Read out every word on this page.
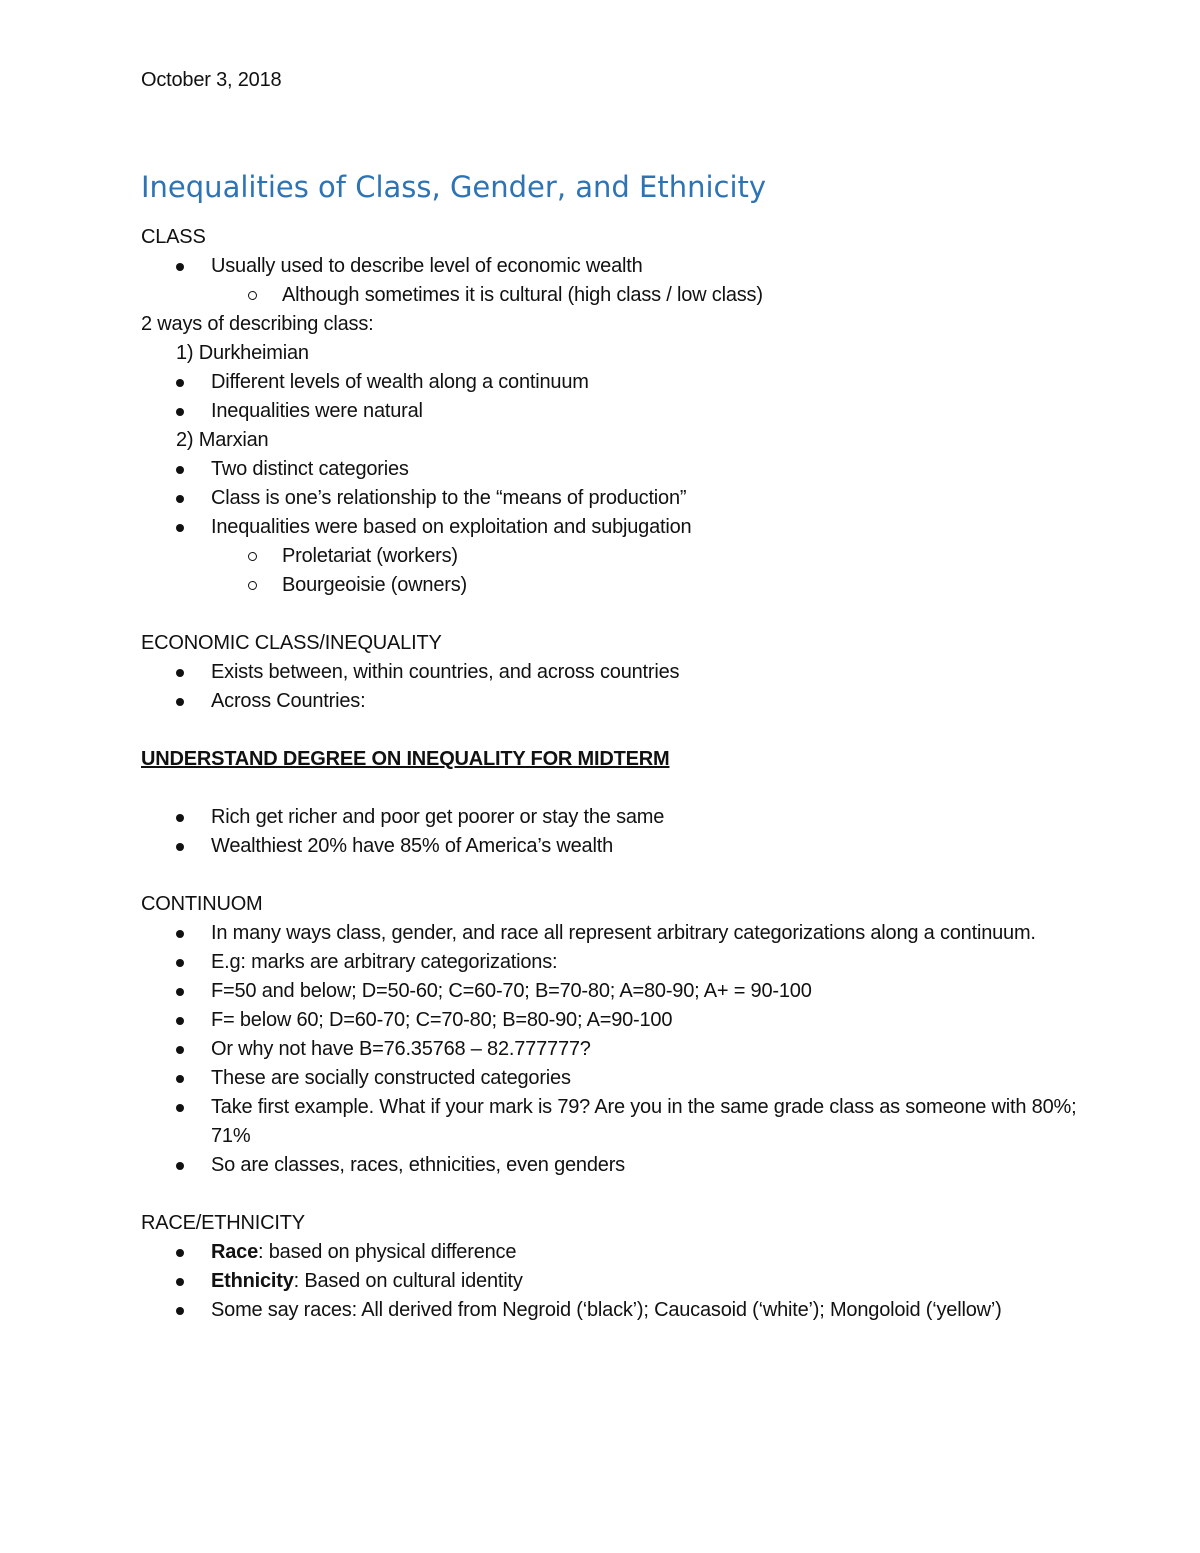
October 3, 2018
Inequalities of Class, Gender, and Ethnicity
CLASS
Usually used to describe level of economic wealth
Although sometimes it is cultural (high class / low class)
2 ways of describing class:
1) Durkheimian
Different levels of wealth along a continuum
Inequalities were natural
2) Marxian
Two distinct categories
Class is one’s relationship to the “means of production”
Inequalities were based on exploitation and subjugation
Proletariat (workers)
Bourgeoisie (owners)
ECONOMIC CLASS/INEQUALITY
Exists between, within countries, and across countries
Across Countries:
UNDERSTAND DEGREE ON INEQUALITY FOR MIDTERM
Rich get richer and poor get poorer or stay the same
Wealthiest 20% have 85% of America’s wealth
CONTINUOM
In many ways class, gender, and race all represent arbitrary categorizations along a continuum.
E.g: marks are arbitrary categorizations:
F=50 and below; D=50-60; C=60-70; B=70-80; A=80-90; A+ = 90-100
F= below 60; D=60-70; C=70-80; B=80-90; A=90-100
Or why not have B=76.35768 – 82.777777?
These are socially constructed categories
Take first example. What if your mark is 79? Are you in the same grade class as someone with 80%; 71%
So are classes, races, ethnicities, even genders
RACE/ETHNICITY
Race: based on physical difference
Ethnicity: Based on cultural identity
Some say races: All derived from Negroid (‘black’); Caucasoid (‘white’); Mongoloid (‘yellow’)
